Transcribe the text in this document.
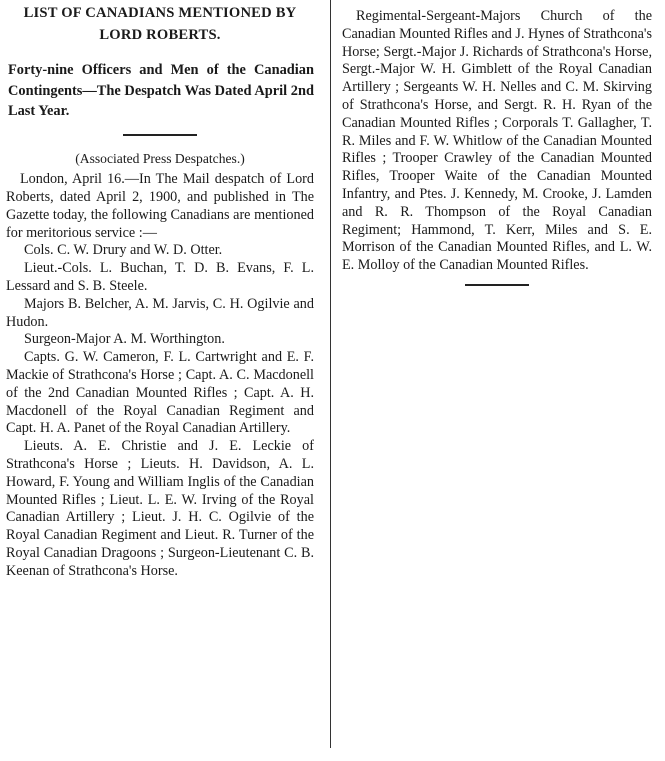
LIST OF CANADIANS MENTIONED BY LORD ROBERTS.
Forty-nine Officers and Men of the Canadian Contingents—The Despatch Was Dated April 2nd Last Year.
(Associated Press Despatches.)

London, April 16.—In The Mail despatch of Lord Roberts, dated April 2, 1900, and published in The Gazette today, the following Canadians are mentioned for meritorious service :—

Cols. C. W. Drury and W. D. Otter.

Lieut.-Cols. L. Buchan, T. D. B. Evans, F. L. Lessard and S. B. Steele.

Majors B. Belcher, A. M. Jarvis, C. H. Ogilvie and Hudon.

Surgeon-Major A. M. Worthington.

Capts. G. W. Cameron, F. L. Cartwright and E. F. Mackie of Strathcona's Horse ; Capt. A. C. Macdonell of the 2nd Canadian Mounted Rifles ; Capt. A. H. Macdonell of the Royal Canadian Regiment and Capt. H. A. Panet of the Royal Canadian Artillery.

Lieuts. A. E. Christie and J. E. Leckie of Strathcona's Horse ; Lieuts. H. Davidson, A. L. Howard, F. Young and William Inglis of the Canadian Mounted Rifles ; Lieut. L. E. W. Irving of the Royal Canadian Artillery ; Lieut. J. H. C. Ogilvie of the Royal Canadian Regiment and Lieut. R. Turner of the Royal Canadian Dragoons ; Surgeon-Lieutenant C. B. Keenan of Strathcona's Horse.

Regimental-Sergeant-Majors Church of the Canadian Mounted Rifles and J. Hynes of Strathcona's Horse; Sergt.-Major J. Richards of Strathcona's Horse, Sergt.-Major W. H. Gimblett of the Royal Canadian Artillery ; Sergeants W. H. Nelles and C. M. Skirving of Strathcona's Horse, and Sergt. R. H. Ryan of the Canadian Mounted Rifles ; Corporals T. Gallagher, T. R. Miles and F. W. Whitlow of the Canadian Mounted Rifles ; Trooper Crawley of the Canadian Mounted Rifles, Trooper Waite of the Canadian Mounted Infantry, and Ptes. J. Kennedy, M. Crooke, J. Lamden and R. R. Thompson of the Royal Canadian Regiment; Hammond, T. Kerr, Miles and S. E. Morrison of the Canadian Mounted Rifles, and L. W. E. Molloy of the Canadian Mounted Rifles.
